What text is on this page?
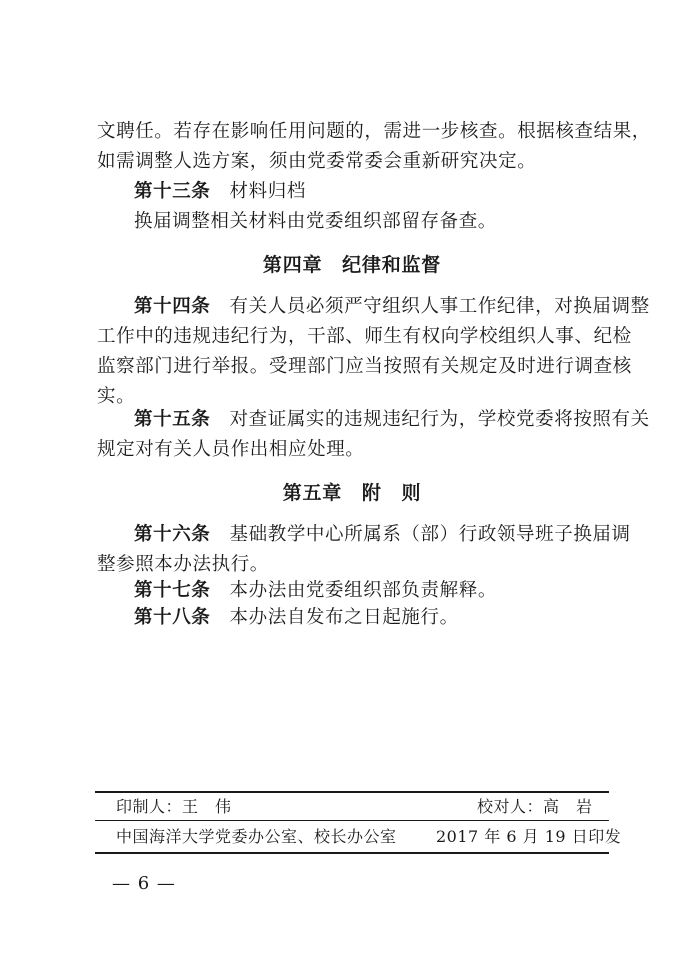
文聘任。若存在影响任用问题的，需进一步核查。根据核查结果，
如需调整人选方案，须由党委常委会重新研究决定。
第十三条　 材料归档
换届调整相关材料由党委组织部留存备查。
第四章　纪律和监督
第十四条　 有关人员必须严守组织人事工作纪律，对换届调整
工作中的违规违纪行为，干部、师生有权向学校组织人事、纪检
监察部门进行举报。受理部门应当按照有关规定及时进行调查核
实。
第十五条　 对查证属实的违规违纪行为，学校党委将按照有关
规定对有关人员作出相应处理。
第五章　附　则
第十六条　 基础教学中心所属系（部）行政领导班子换届调
整参照本办法执行。
第十七条　 本办法由党委组织部负责解释。
第十八条　 本办法自发布之日起施行。
印制人：王　伟	校对人：高　岩
中国海洋大学党委办公室、校长办公室 2017 年 6 月 19 日印发
— 6 —
